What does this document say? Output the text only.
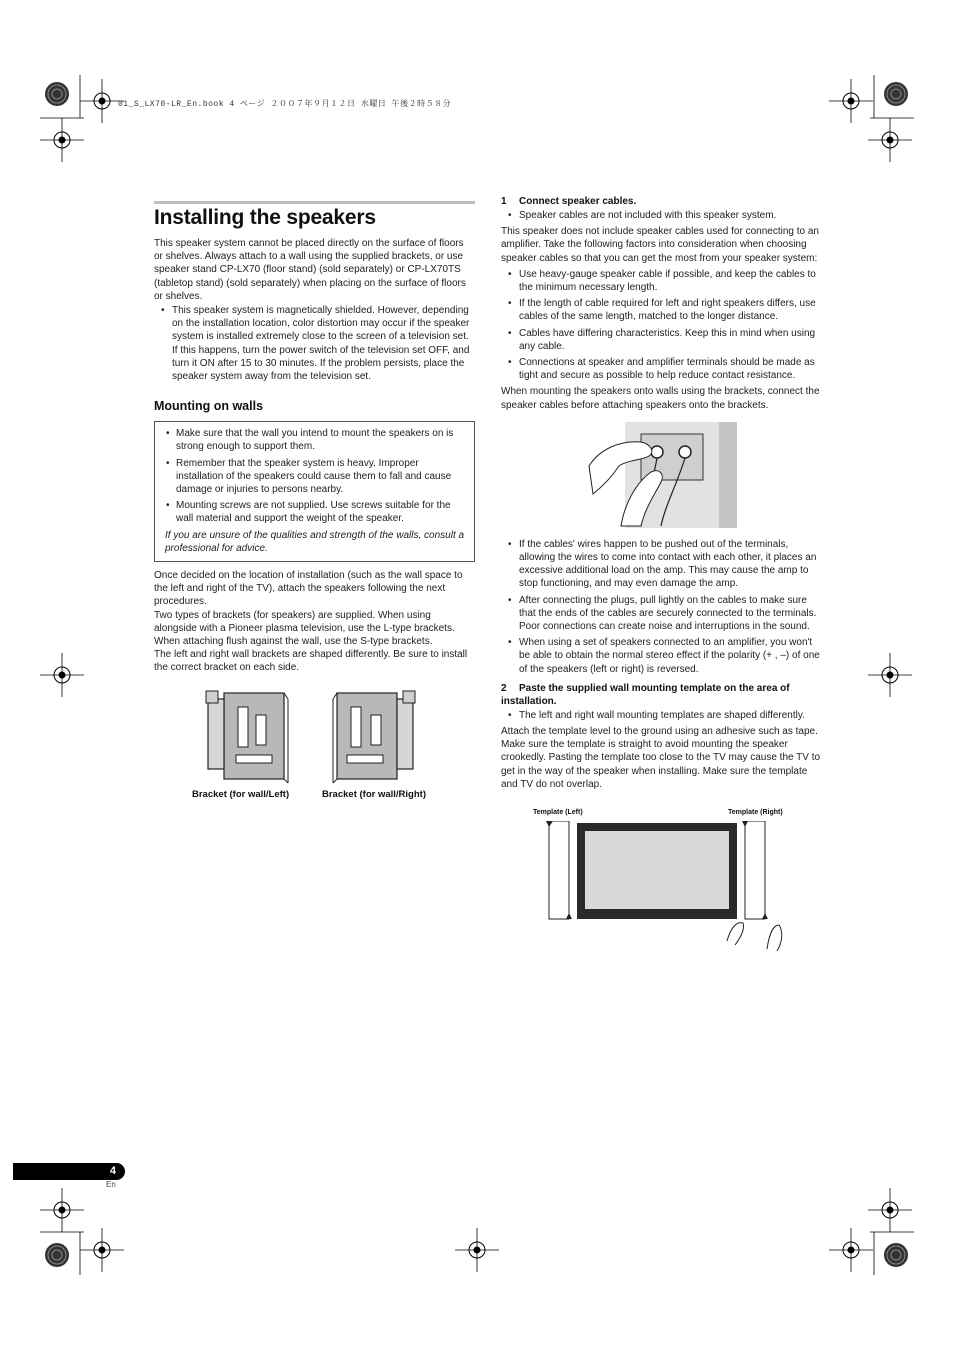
01_S_LX70-LR_En.book 4 ページ ２００７年９月１２日 水曜日 午後２時５８分
Installing the speakers

This speaker system cannot be placed directly on the surface of floors or shelves. Always attach to a wall using the supplied brackets, or use speaker stand CP-LX70 (floor stand) (sold separately) or CP-LX70TS (tabletop stand) (sold separately) when placing on the surface of floors or shelves.

• This speaker system is magnetically shielded. However, depending on the installation location, color distortion may occur if the speaker system is installed extremely close to the screen of a television set. If this happens, turn the power switch of the television set OFF, and turn it ON after 15 to 30 minutes. If the problem persists, place the speaker system away from the television set.
Mounting on walls
• Make sure that the wall you intend to mount the speakers on is strong enough to support them.
• Remember that the speaker system is heavy. Improper installation of the speakers could cause them to fall and cause damage or injuries to persons nearby.
• Mounting screws are not supplied. Use screws suitable for the wall material and support the weight of the speaker.
If you are unsure of the qualities and strength of the walls, consult a professional for advice.

Once decided on the location of installation (such as the wall space to the left and right of the TV), attach the speakers following the next procedures.

Two types of brackets (for speakers) are supplied. When using alongside with a Pioneer plasma television, use the L-type brackets. When attaching flush against the wall, use the S-type brackets.

The left and right wall brackets are shaped differently. Be sure to install the correct bracket on each side.

Bracket (for wall/Left)	Bracket (for wall/Right)
1 Connect speaker cables.
• Speaker cables are not included with this speaker system.

This speaker does not include speaker cables used for connecting to an amplifier. Take the following factors into consideration when choosing speaker cables so that you can get the most from your speaker system:

• Use heavy-gauge speaker cable if possible, and keep the cables to the minimum necessary length.
• If the length of cable required for left and right speakers differs, use cables of the same length, matched to the longer distance.
• Cables have differing characteristics. Keep this in mind when using any cable.
• Connections at speaker and amplifier terminals should be made as tight and secure as possible to help reduce contact resistance.

When mounting the speakers onto walls using the brackets, connect the speaker cables before attaching speakers onto the brackets.

• If the cables' wires happen to be pushed out of the terminals, allowing the wires to come into contact with each other, it places an excessive additional load on the amp. This may cause the amp to stop functioning, and may even damage the amp.
• After connecting the plugs, pull lightly on the cables to make sure that the ends of the cables are securely connected to the terminals. Poor connections can create noise and interruptions in the sound.
• When using a set of speakers connected to an amplifier, you won't be able to obtain the normal stereo effect if the polarity (+ , –) of one of the speakers (left or right) is reversed.
2 Paste the supplied wall mounting template on the area of installation.
• The left and right wall mounting templates are shaped differently.

Attach the template level to the ground using an adhesive such as tape. Make sure the template is straight to avoid mounting the speaker crookedly. Pasting the template too close to the TV may cause the TV to get in the way of the speaker when installing. Make sure the template and TV do not overlap.

Template (Left)	Template (Right)
4
En
